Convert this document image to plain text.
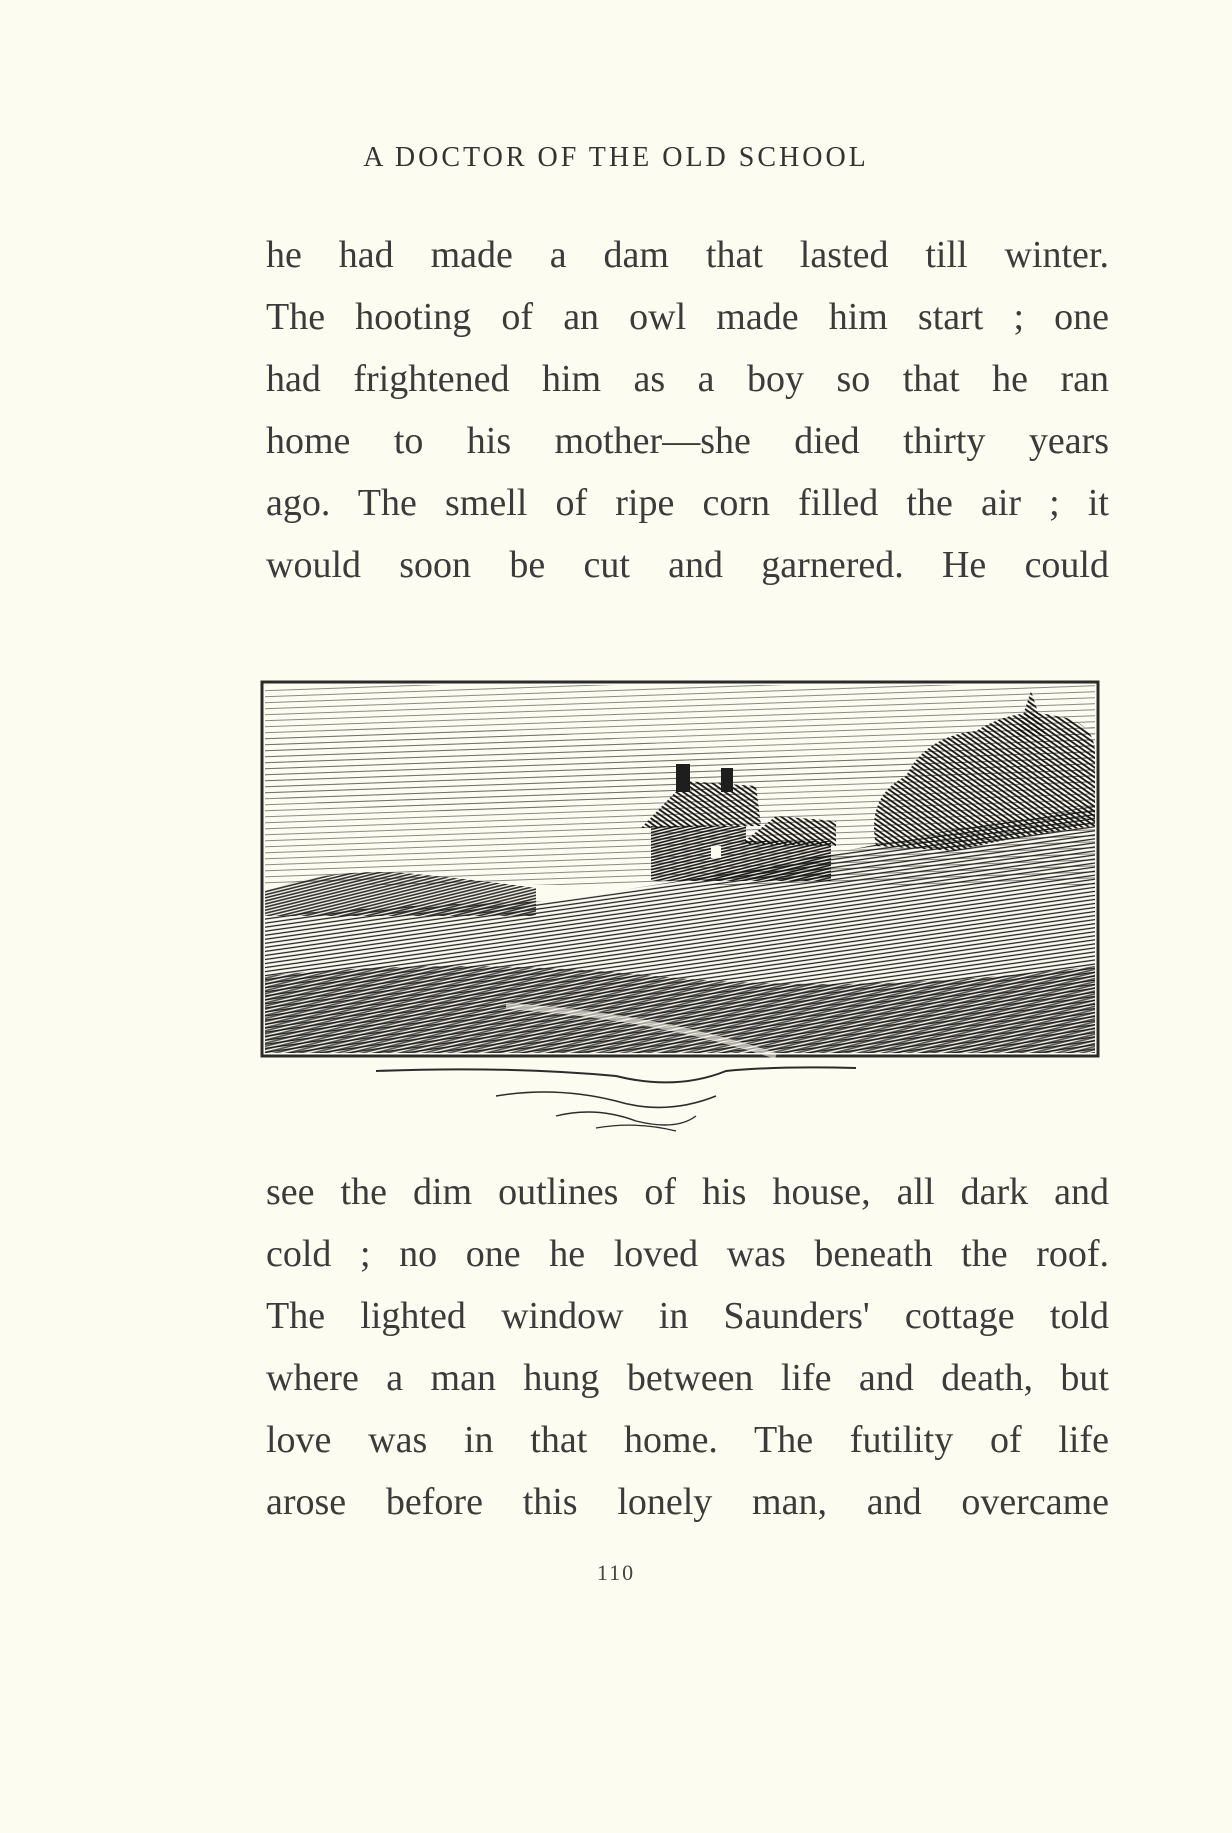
A DOCTOR OF THE OLD SCHOOL
he had made a dam that lasted till winter.
The hooting of an owl made him start ; one
had frightened him as a boy so that he ran
home to his mother—she died thirty years
ago. The smell of ripe corn filled the air ; it
would soon be cut and garnered. He could
see the dim outlines of his house, all dark and
cold ; no one he loved was beneath the roof.
The lighted window in Saunders' cottage told
where a man hung between life and death, but
love was in that home. The futility of life
arose before this lonely man, and overcame
110
